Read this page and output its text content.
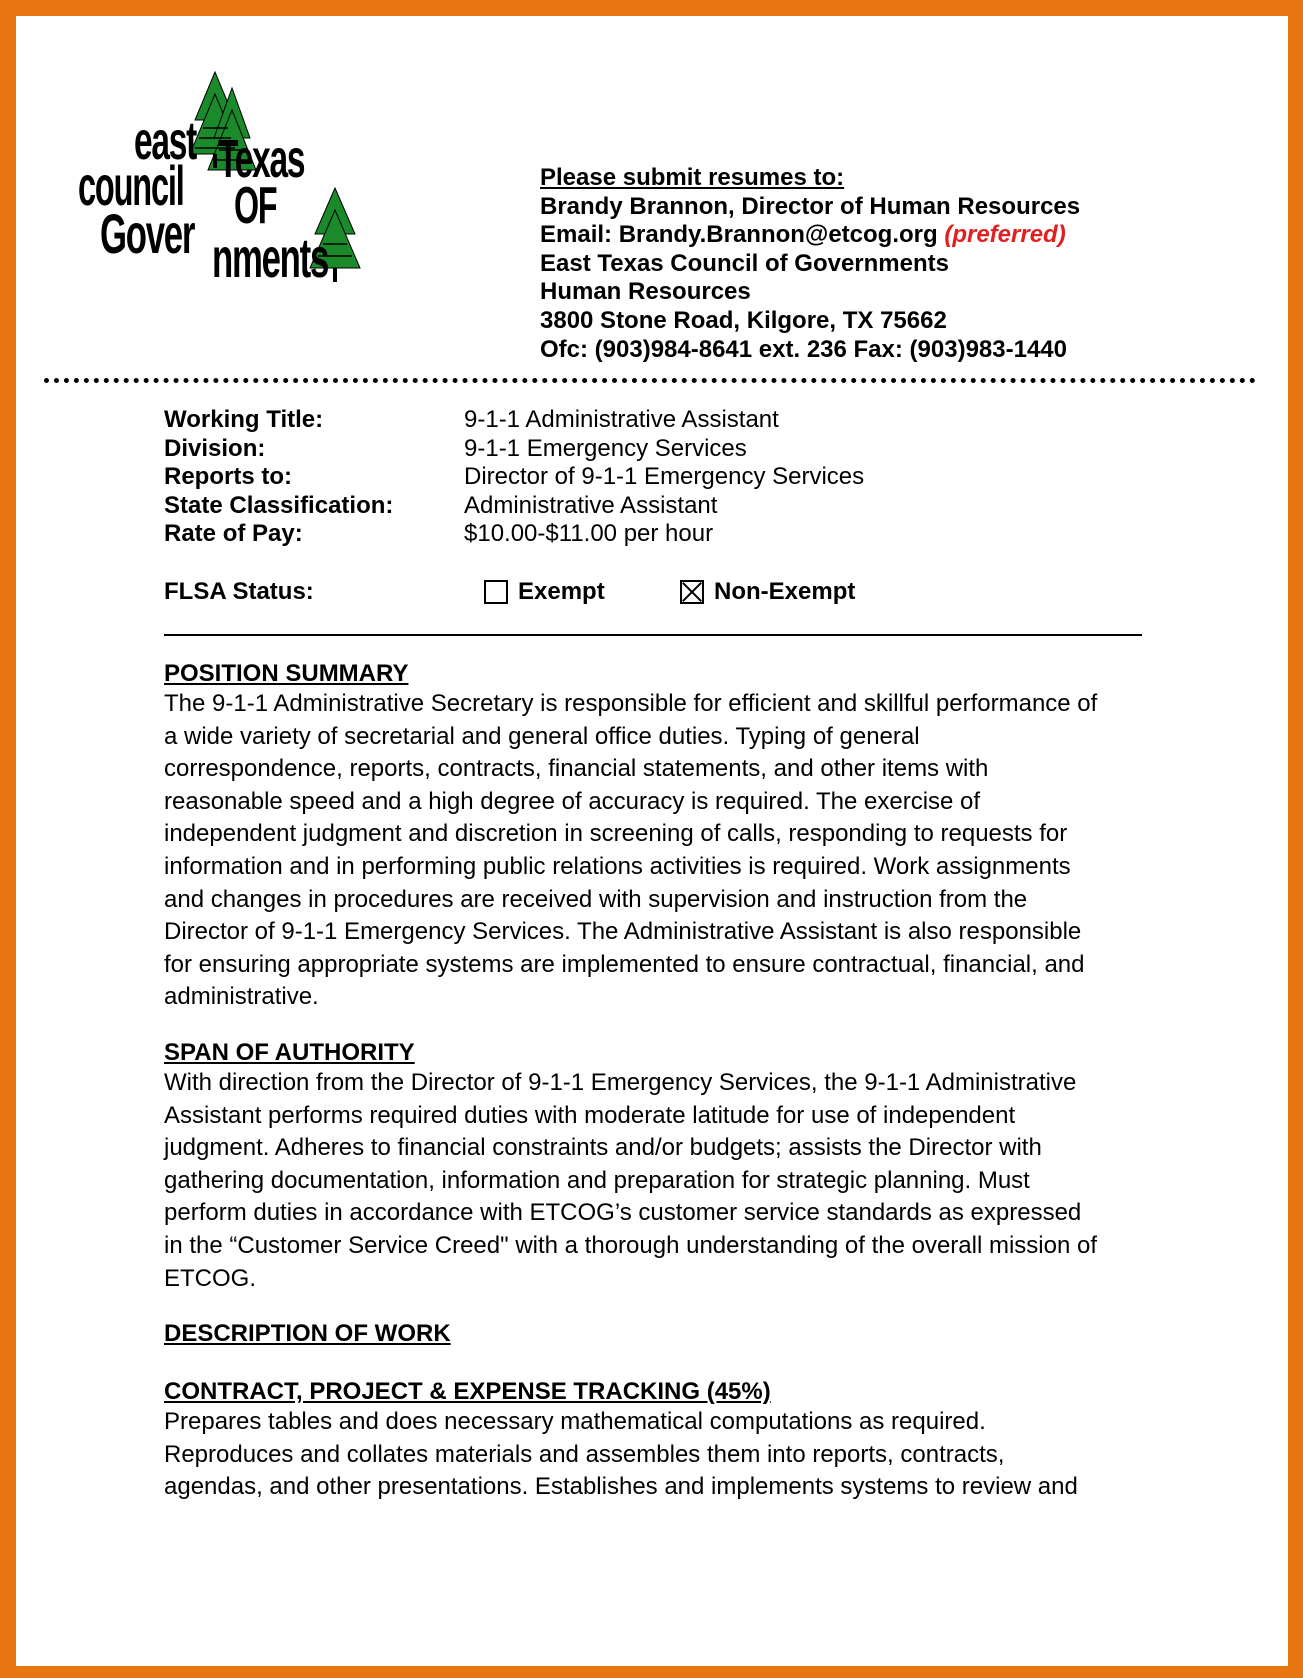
east Texas
council OF
Gover nments
Please submit resumes to:
Brandy Brannon, Director of Human Resources
Email: Brandy.Brannon@etcog.org (preferred)
East Texas Council of Governments
Human Resources
3800 Stone Road, Kilgore, TX 75662
Ofc: (903)984-8641 ext. 236 Fax: (903)983-1440
Working Title:	9-1-1 Administrative Assistant
Division:	9-1-1 Emergency Services
Reports to:	Director of 9-1-1 Emergency Services
State Classification:	Administrative Assistant
Rate of Pay:	$10.00-$11.00 per hour
FLSA Status:	Exempt	Non-Exempt
POSITION SUMMARY

The 9-1-1 Administrative Secretary is responsible for efficient and skillful performance of

a wide variety of secretarial and general office duties. Typing of general

correspondence, reports, contracts, financial statements, and other items with

reasonable speed and a high degree of accuracy is required. The exercise of

independent judgment and discretion in screening of calls, responding to requests for

information and in performing public relations activities is required. Work assignments

and changes in procedures are received with supervision and instruction from the

Director of 9-1-1 Emergency Services. The Administrative Assistant is also responsible

for ensuring appropriate systems are implemented to ensure contractual, financial, and

administrative.

SPAN OF AUTHORITY

With direction from the Director of 9-1-1 Emergency Services, the 9-1-1 Administrative

Assistant performs required duties with moderate latitude for use of independent

judgment. Adheres to financial constraints and/or budgets; assists the Director with

gathering documentation, information and preparation for strategic planning. Must

perform duties in accordance with ETCOG’s customer service standards as expressed

in the “Customer Service Creed" with a thorough understanding of the overall mission of

ETCOG.

DESCRIPTION OF WORK
CONTRACT, PROJECT & EXPENSE TRACKING (45%)

Prepares tables and does necessary mathematical computations as required.

Reproduces and collates materials and assembles them into reports, contracts,

agendas, and other presentations. Establishes and implements systems to review and
